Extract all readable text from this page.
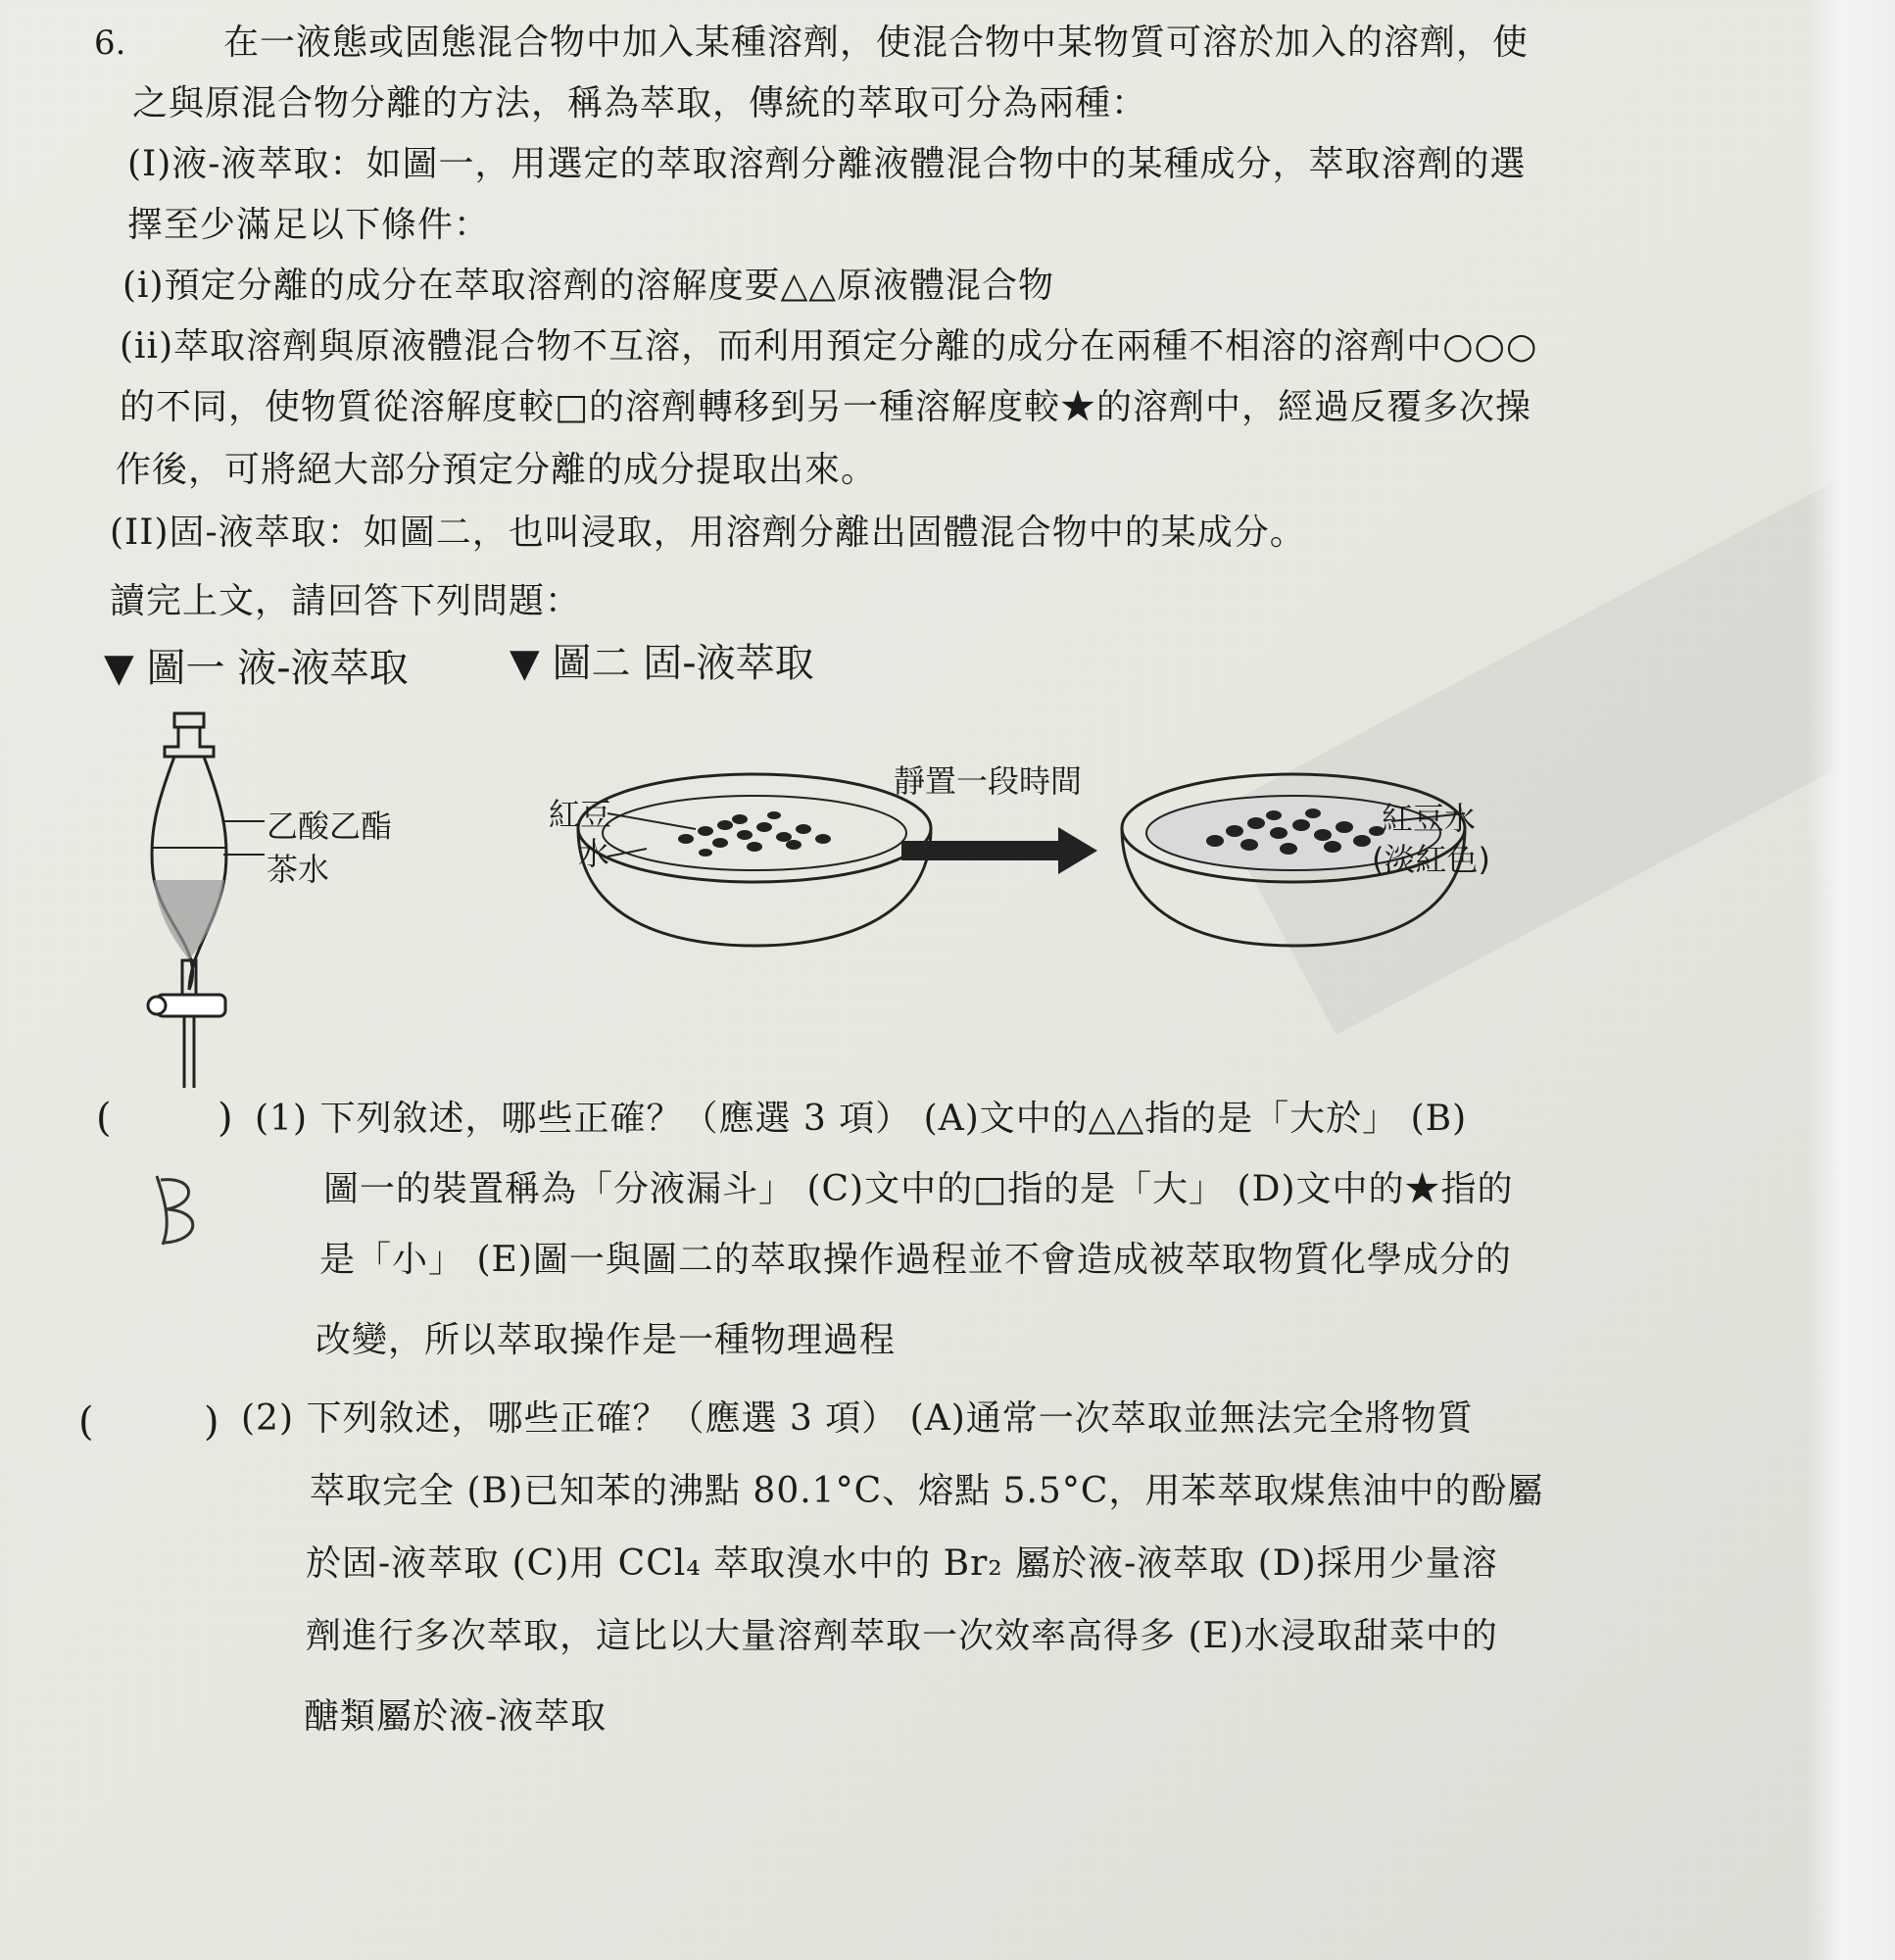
6.	在一液態或固態混合物中加入某種溶劑，使混合物中某物質可溶於加入的溶劑，使
之與原混合物分離的方法，稱為萃取，傳統的萃取可分為兩種：
(I)液-液萃取：如圖一，用選定的萃取溶劑分離液體混合物中的某種成分，萃取溶劑的選
擇至少滿足以下條件：
(i)預定分離的成分在萃取溶劑的溶解度要△△原液體混合物
(ii)萃取溶劑與原液體混合物不互溶，而利用預定分離的成分在兩種不相溶的溶劑中○○○
的不同，使物質從溶解度較□的溶劑轉移到另一種溶解度較★的溶劑中，經過反覆多次操
作後，可將絕大部分預定分離的成分提取出來。
(II)固-液萃取：如圖二，也叫浸取，用溶劑分離出固體混合物中的某成分。
讀完上文，請回答下列問題：
▼ 圖一 液-液萃取	▼ 圖二 固-液萃取
乙酸乙酯
茶水
紅豆
水
靜置一段時間
紅豆水
(淡紅色)
(	) (1) 下列敘述，哪些正確？（應選 3 項） (A)文中的△△指的是「大於」 (B)
圖一的裝置稱為「分液漏斗」 (C)文中的□指的是「大」 (D)文中的★指的
是「小」 (E)圖一與圖二的萃取操作過程並不會造成被萃取物質化學成分的
改變，所以萃取操作是一種物理過程
(	) (2) 下列敘述，哪些正確？（應選 3 項） (A)通常一次萃取並無法完全將物質
萃取完全 (B)已知苯的沸點 80.1°C、熔點 5.5°C，用苯萃取煤焦油中的酚屬
於固-液萃取 (C)用 CCl₄ 萃取溴水中的 Br₂ 屬於液-液萃取 (D)採用少量溶
劑進行多次萃取，這比以大量溶劑萃取一次效率高得多 (E)水浸取甜菜中的
醣類屬於液-液萃取
